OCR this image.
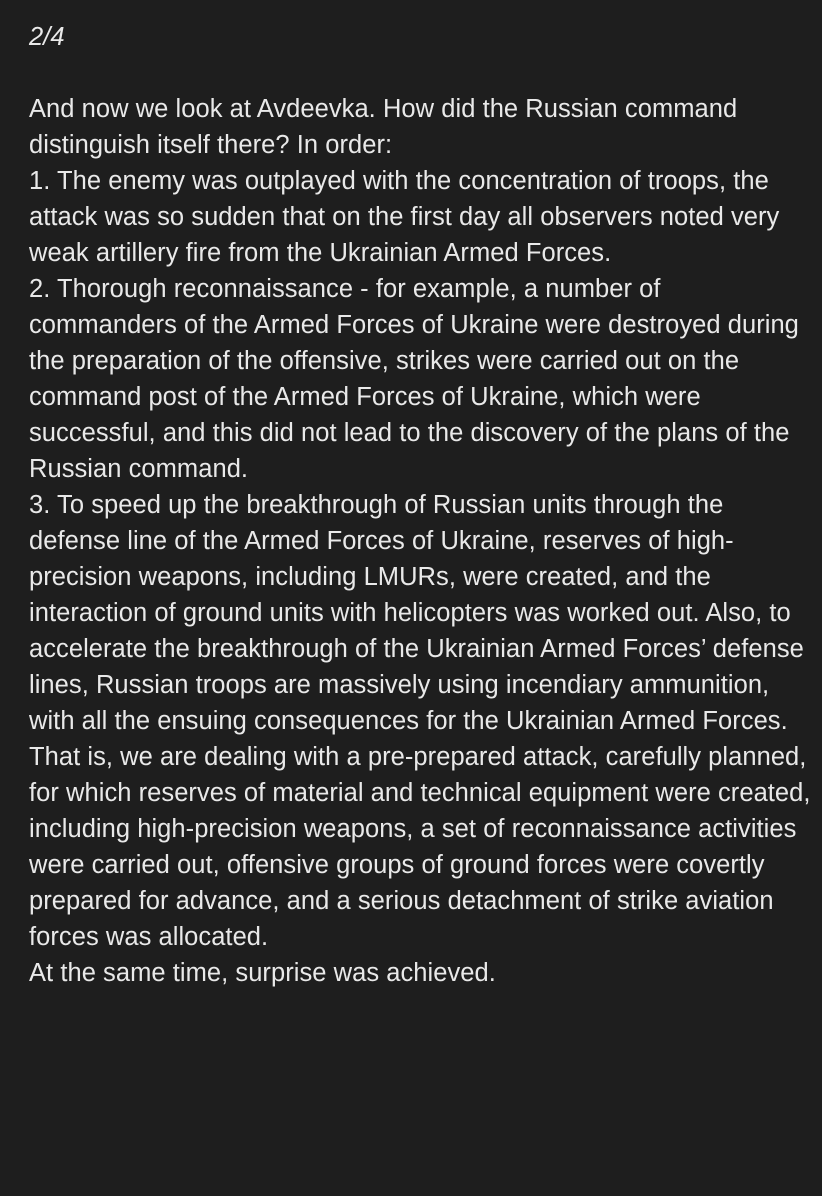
2/4

And now we look at Avdeevka. How did the Russian command distinguish itself there? In order:

1. The enemy was outplayed with the concentration of troops, the attack was so sudden that on the first day all observers noted very weak artillery fire from the Ukrainian Armed Forces.

2. Thorough reconnaissance - for example, a number of commanders of the Armed Forces of Ukraine were destroyed during the preparation of the offensive, strikes were carried out on the command post of the Armed Forces of Ukraine, which were successful, and this did not lead to the discovery of the plans of the Russian command.

3. To speed up the breakthrough of Russian units through the defense line of the Armed Forces of Ukraine, reserves of high-precision weapons, including LMURs, were created, and the interaction of ground units with helicopters was worked out. Also, to accelerate the breakthrough of the Ukrainian Armed Forces’ defense lines, Russian troops are massively using incendiary ammunition, with all the ensuing consequences for the Ukrainian Armed Forces.

That is, we are dealing with a pre-prepared attack, carefully planned, for which reserves of material and technical equipment were created, including high-precision weapons, a set of reconnaissance activities were carried out, offensive groups of ground forces were covertly prepared for advance, and a serious detachment of strike aviation forces was allocated.

At the same time, surprise was achieved.
